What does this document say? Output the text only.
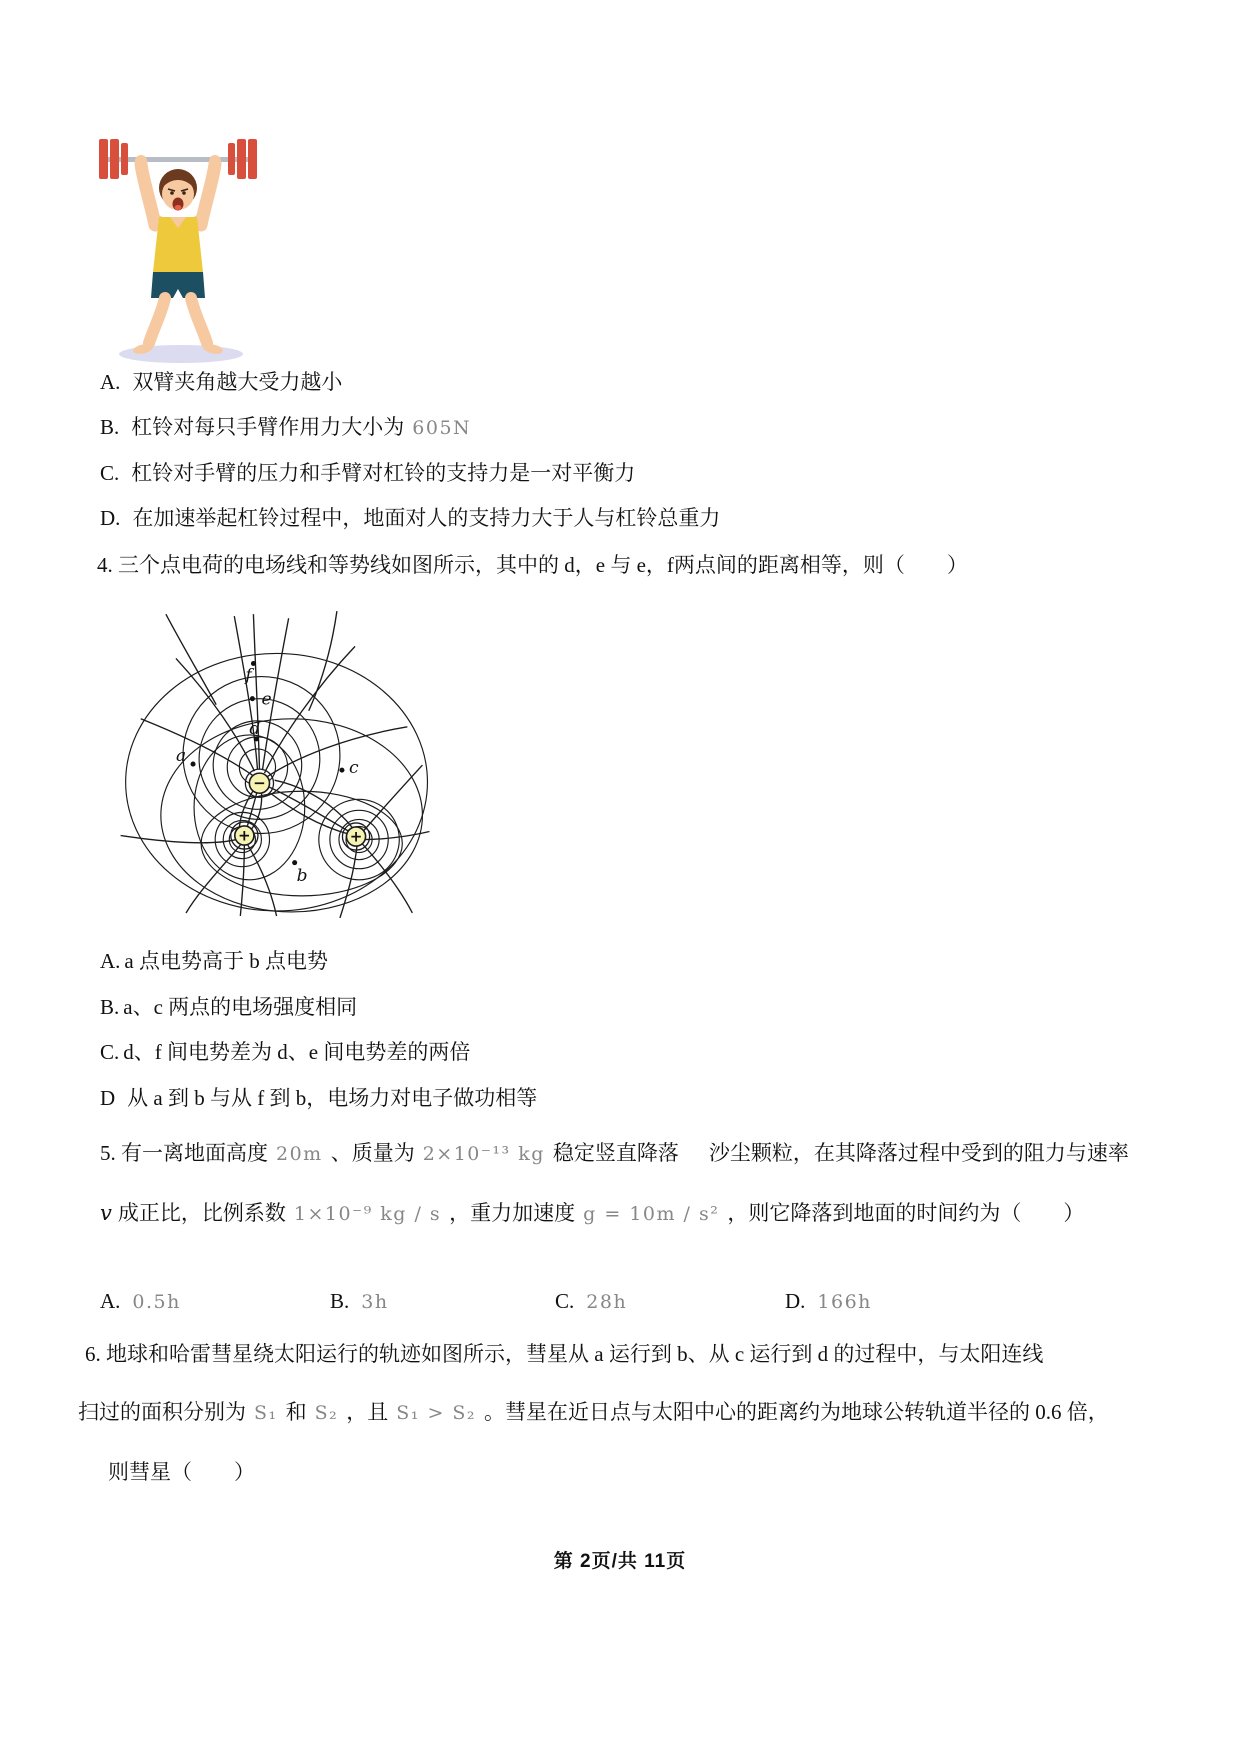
A. 双臂夹角越大受力越小
B. 杠铃对每只手臂作用力大小为 605N
C. 杠铃对手臂的压力和手臂对杠铃的支持力是一对平衡力
D. 在加速举起杠铃过程中，地面对人的支持力大于人与杠铃总重力
4. 三个点电荷的电场线和等势线如图所示，其中的 d，e 与 e，f两点间的距离相等，则（　　）
−
+	+
f
e
d
a
c
b
A. a 点电势高于 b 点电势
B. a、c 两点的电场强度相同
C. d、f 间电势差为 d、e 间电势差的两倍
D 从 a 到 b 与从 f 到 b，电场力对电子做功相等
5. 有一离地面高度 20m 、质量为 2×10⁻¹³ kg 稳定竖直降落 沙尘颗粒，在其降落过程中受到的阻力与速率
v 成正比，比例系数 1×10⁻⁹ kg / s ，重力加速度 g = 10m / s² ，则它降落到地面的时间约为（　　）
A. 0.5h	B. 3h	C. 28h	D. 166h
6. 地球和哈雷彗星绕太阳运行的轨迹如图所示，彗星从 a 运行到 b、从 c 运行到 d 的过程中，与太阳连线
扫过的面积分别为 S₁ 和 S₂ ，且 S₁ > S₂ 。彗星在近日点与太阳中心的距离约为地球公转轨道半径的 0.6 倍，
则彗星（　　）
第 2页/共 11页
